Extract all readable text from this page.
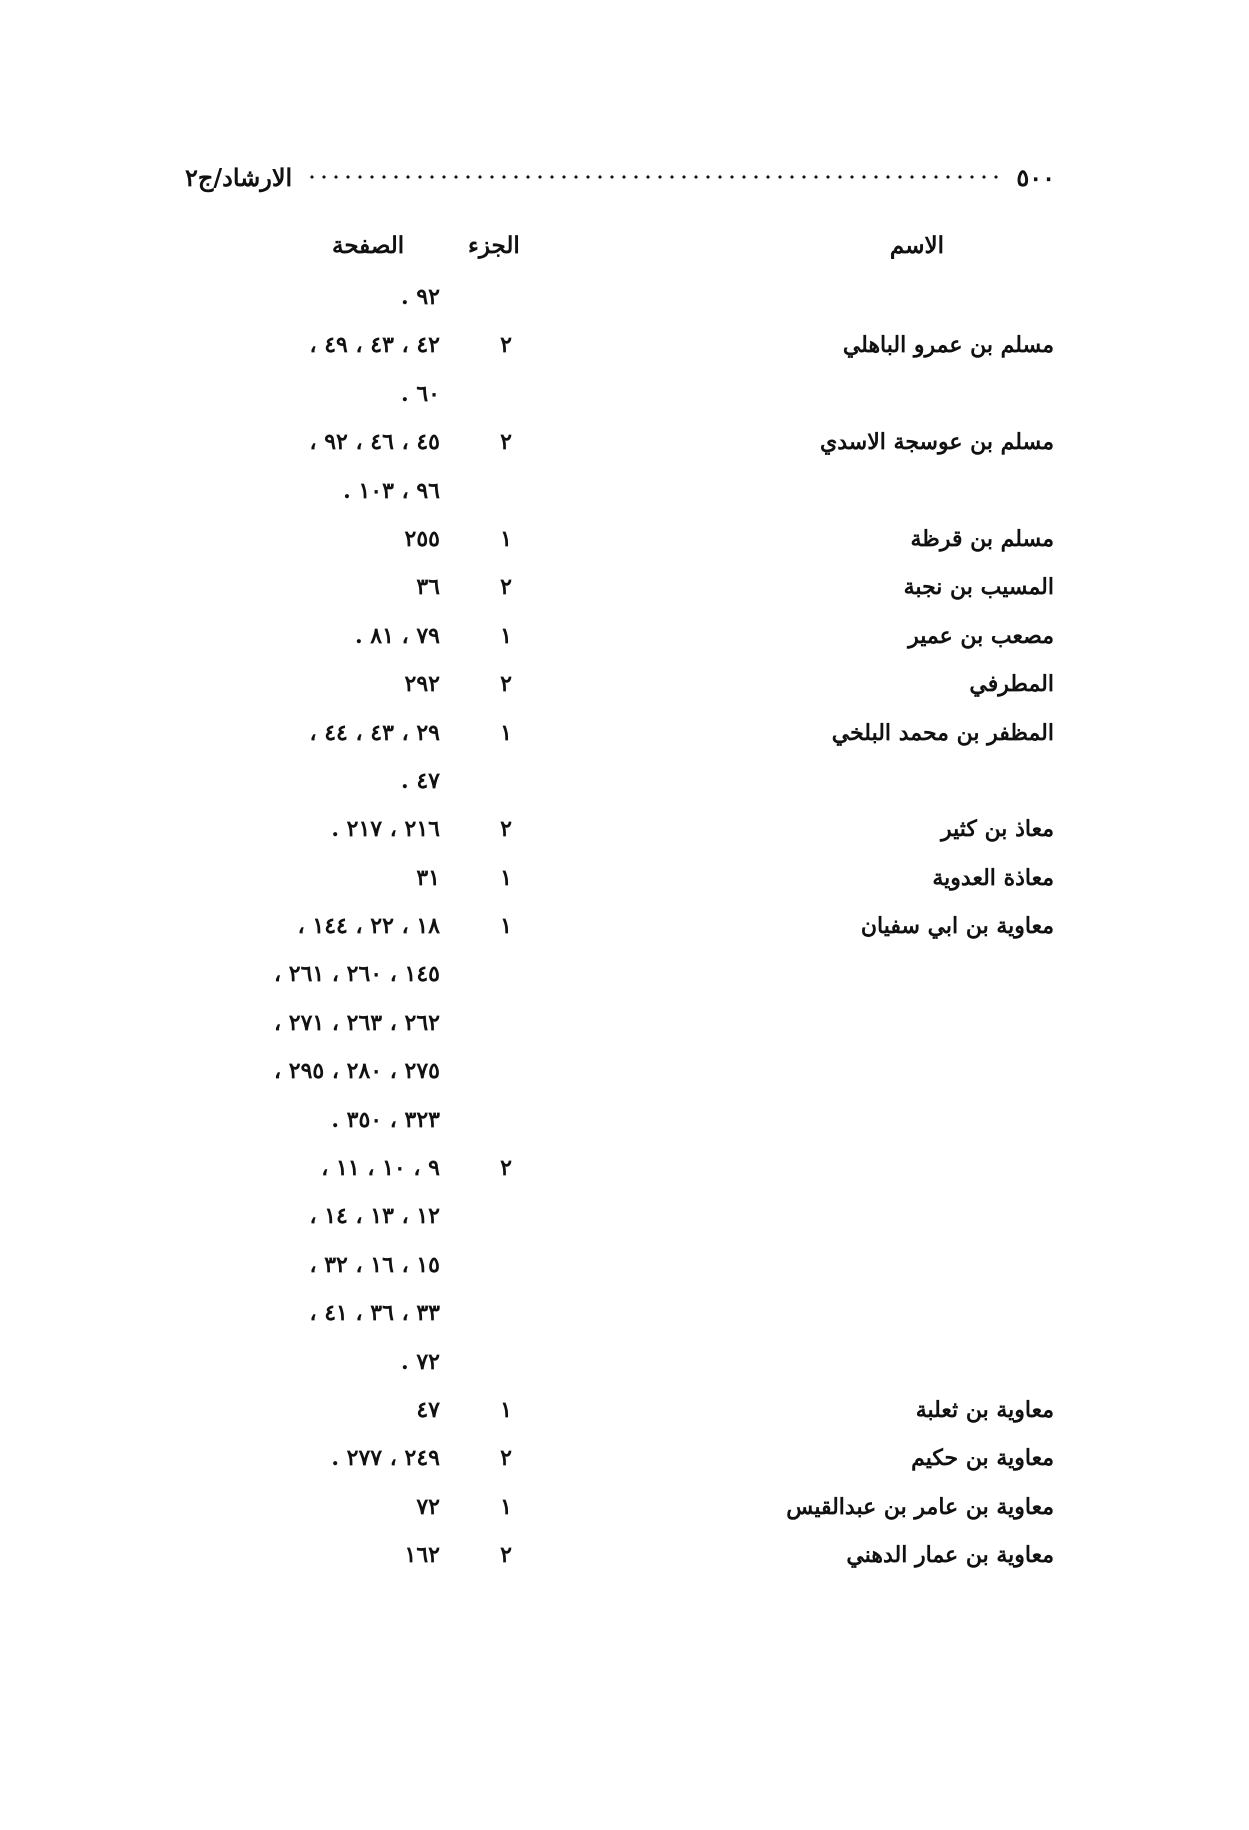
٥٠٠
الارشاد/ج٢
الاسم
الجزء
الصفحة
٩٢ .
مسلم بن عمرو الباهلي
٢
٤٢ ، ٤٣ ، ٤٩ ،
٦٠ .
مسلم بن عوسجة الاسدي
٢
٤٥ ، ٤٦ ، ٩٢ ،
٩٦ ، ١٠٣ .
مسلم بن قرظة
١
٢٥٥
المسيب بن نجبة
٢
٣٦
مصعب بن عمير
١
٧٩ ، ٨١ .
المطرفي
٢
٢٩٢
المظفر بن محمد البلخي
١
٢٩ ، ٤٣ ، ٤٤ ،
٤٧ .
معاذ بن كثير
٢
٢١٦ ، ٢١٧ .
معاذة العدوية
١
٣١
معاوية بن ابي سفيان
١
١٨ ، ٢٢ ، ١٤٤ ،
١٤٥ ، ٢٦٠ ، ٢٦١ ،
٢٦٢ ، ٢٦٣ ، ٢٧١ ،
٢٧٥ ، ٢٨٠ ، ٢٩٥ ،
٣٢٣ ، ٣٥٠ .
٢
٩ ، ١٠ ، ١١ ،
١٢ ، ١٣ ، ١٤ ،
١٥ ، ١٦ ، ٣٢ ،
٣٣ ، ٣٦ ، ٤١ ،
٧٢ .
معاوية بن ثعلبة
١
٤٧
معاوية بن حكيم
٢
٢٤٩ ، ٢٧٧ .
معاوية بن عامر بن عبدالقيس
١
٧٢
معاوية بن عمار الدهني
٢
١٦٢
